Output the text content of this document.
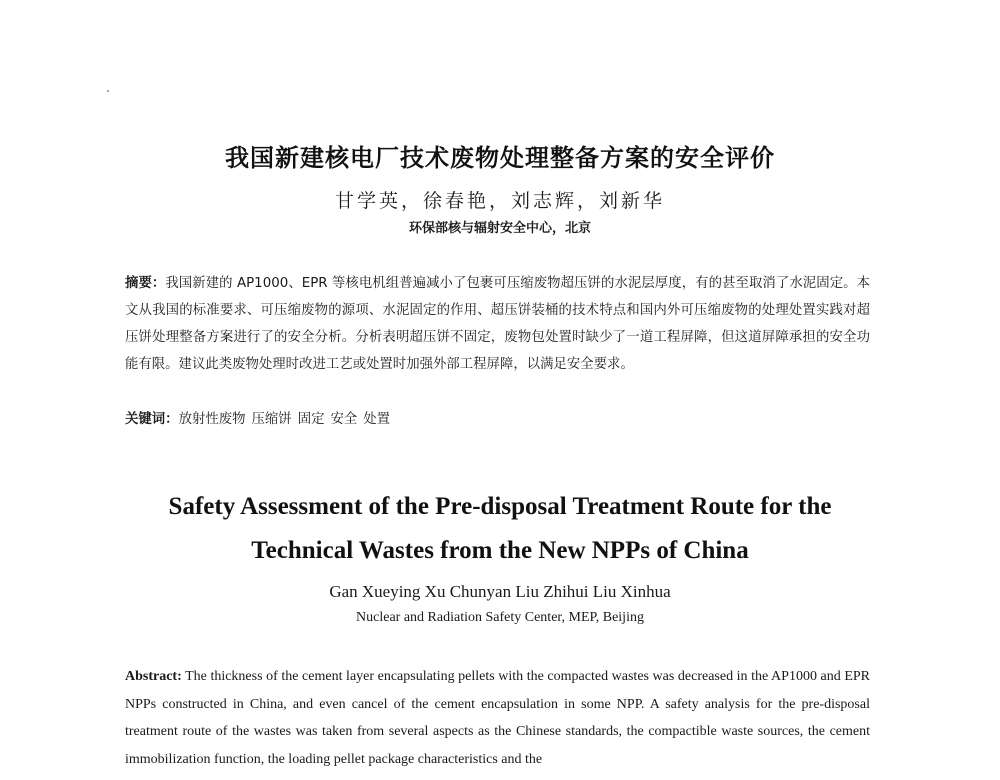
我国新建核电厂技术废物处理整备方案的安全评价
甘学英，徐春艳，刘志辉，刘新华
环保部核与辐射安全中心，北京
摘要：我国新建的 AP1000、EPR 等核电机组普遍减小了包裹可压缩废物超压饼的水泥层厚度，有的甚至取消了水泥固定。本文从我国的标准要求、可压缩废物的源项、水泥固定的作用、超压饼装桶的技术特点和国内外可压缩废物的处理处置实践对超压饼处理整备方案进行了的安全分析。分析表明超压饼不固定，废物包处置时缺少了一道工程屏障，但这道屏障承担的安全功能有限。建议此类废物处理时改进工艺或处置时加强外部工程屏障，以满足安全要求。
关键词：放射性废物 压缩饼 固定 安全 处置
Safety Assessment of the Pre-disposal Treatment Route for the
Technical Wastes from the New NPPs of China
Gan Xueying Xu Chunyan Liu Zhihui Liu Xinhua
Nuclear and Radiation Safety Center, MEP, Beijing
Abstract: The thickness of the cement layer encapsulating pellets with the compacted wastes was decreased in the AP1000 and EPR NPPs constructed in China, and even cancel of the cement encapsulation in some NPP. A safety analysis for the pre-disposal treatment route of the wastes was taken from several aspects as the Chinese standards, the compactible waste sources, the cement immobilization function, the loading pellet package characteristics and the
